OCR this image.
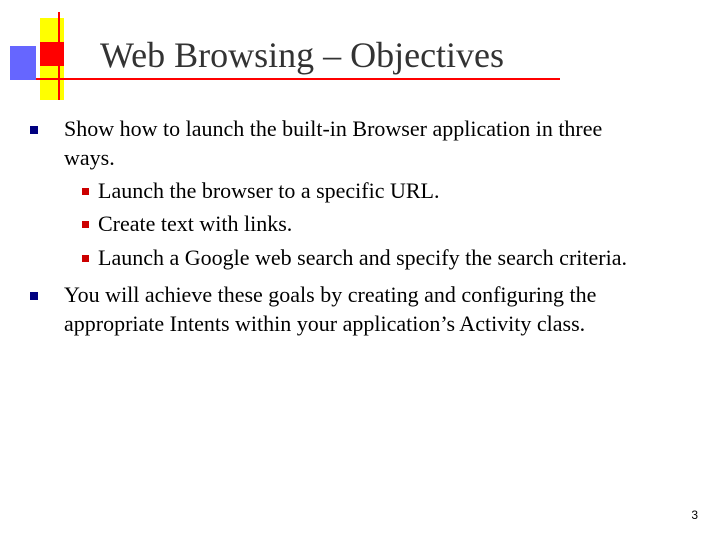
Web Browsing – Objectives
Show how to launch the built-in Browser application in three
ways.
Launch the browser to a specific URL.
Create text with links.
Launch a Google web search and specify the search criteria.
You will achieve these goals by creating and configuring the
appropriate Intents within your application’s Activity class.
3
